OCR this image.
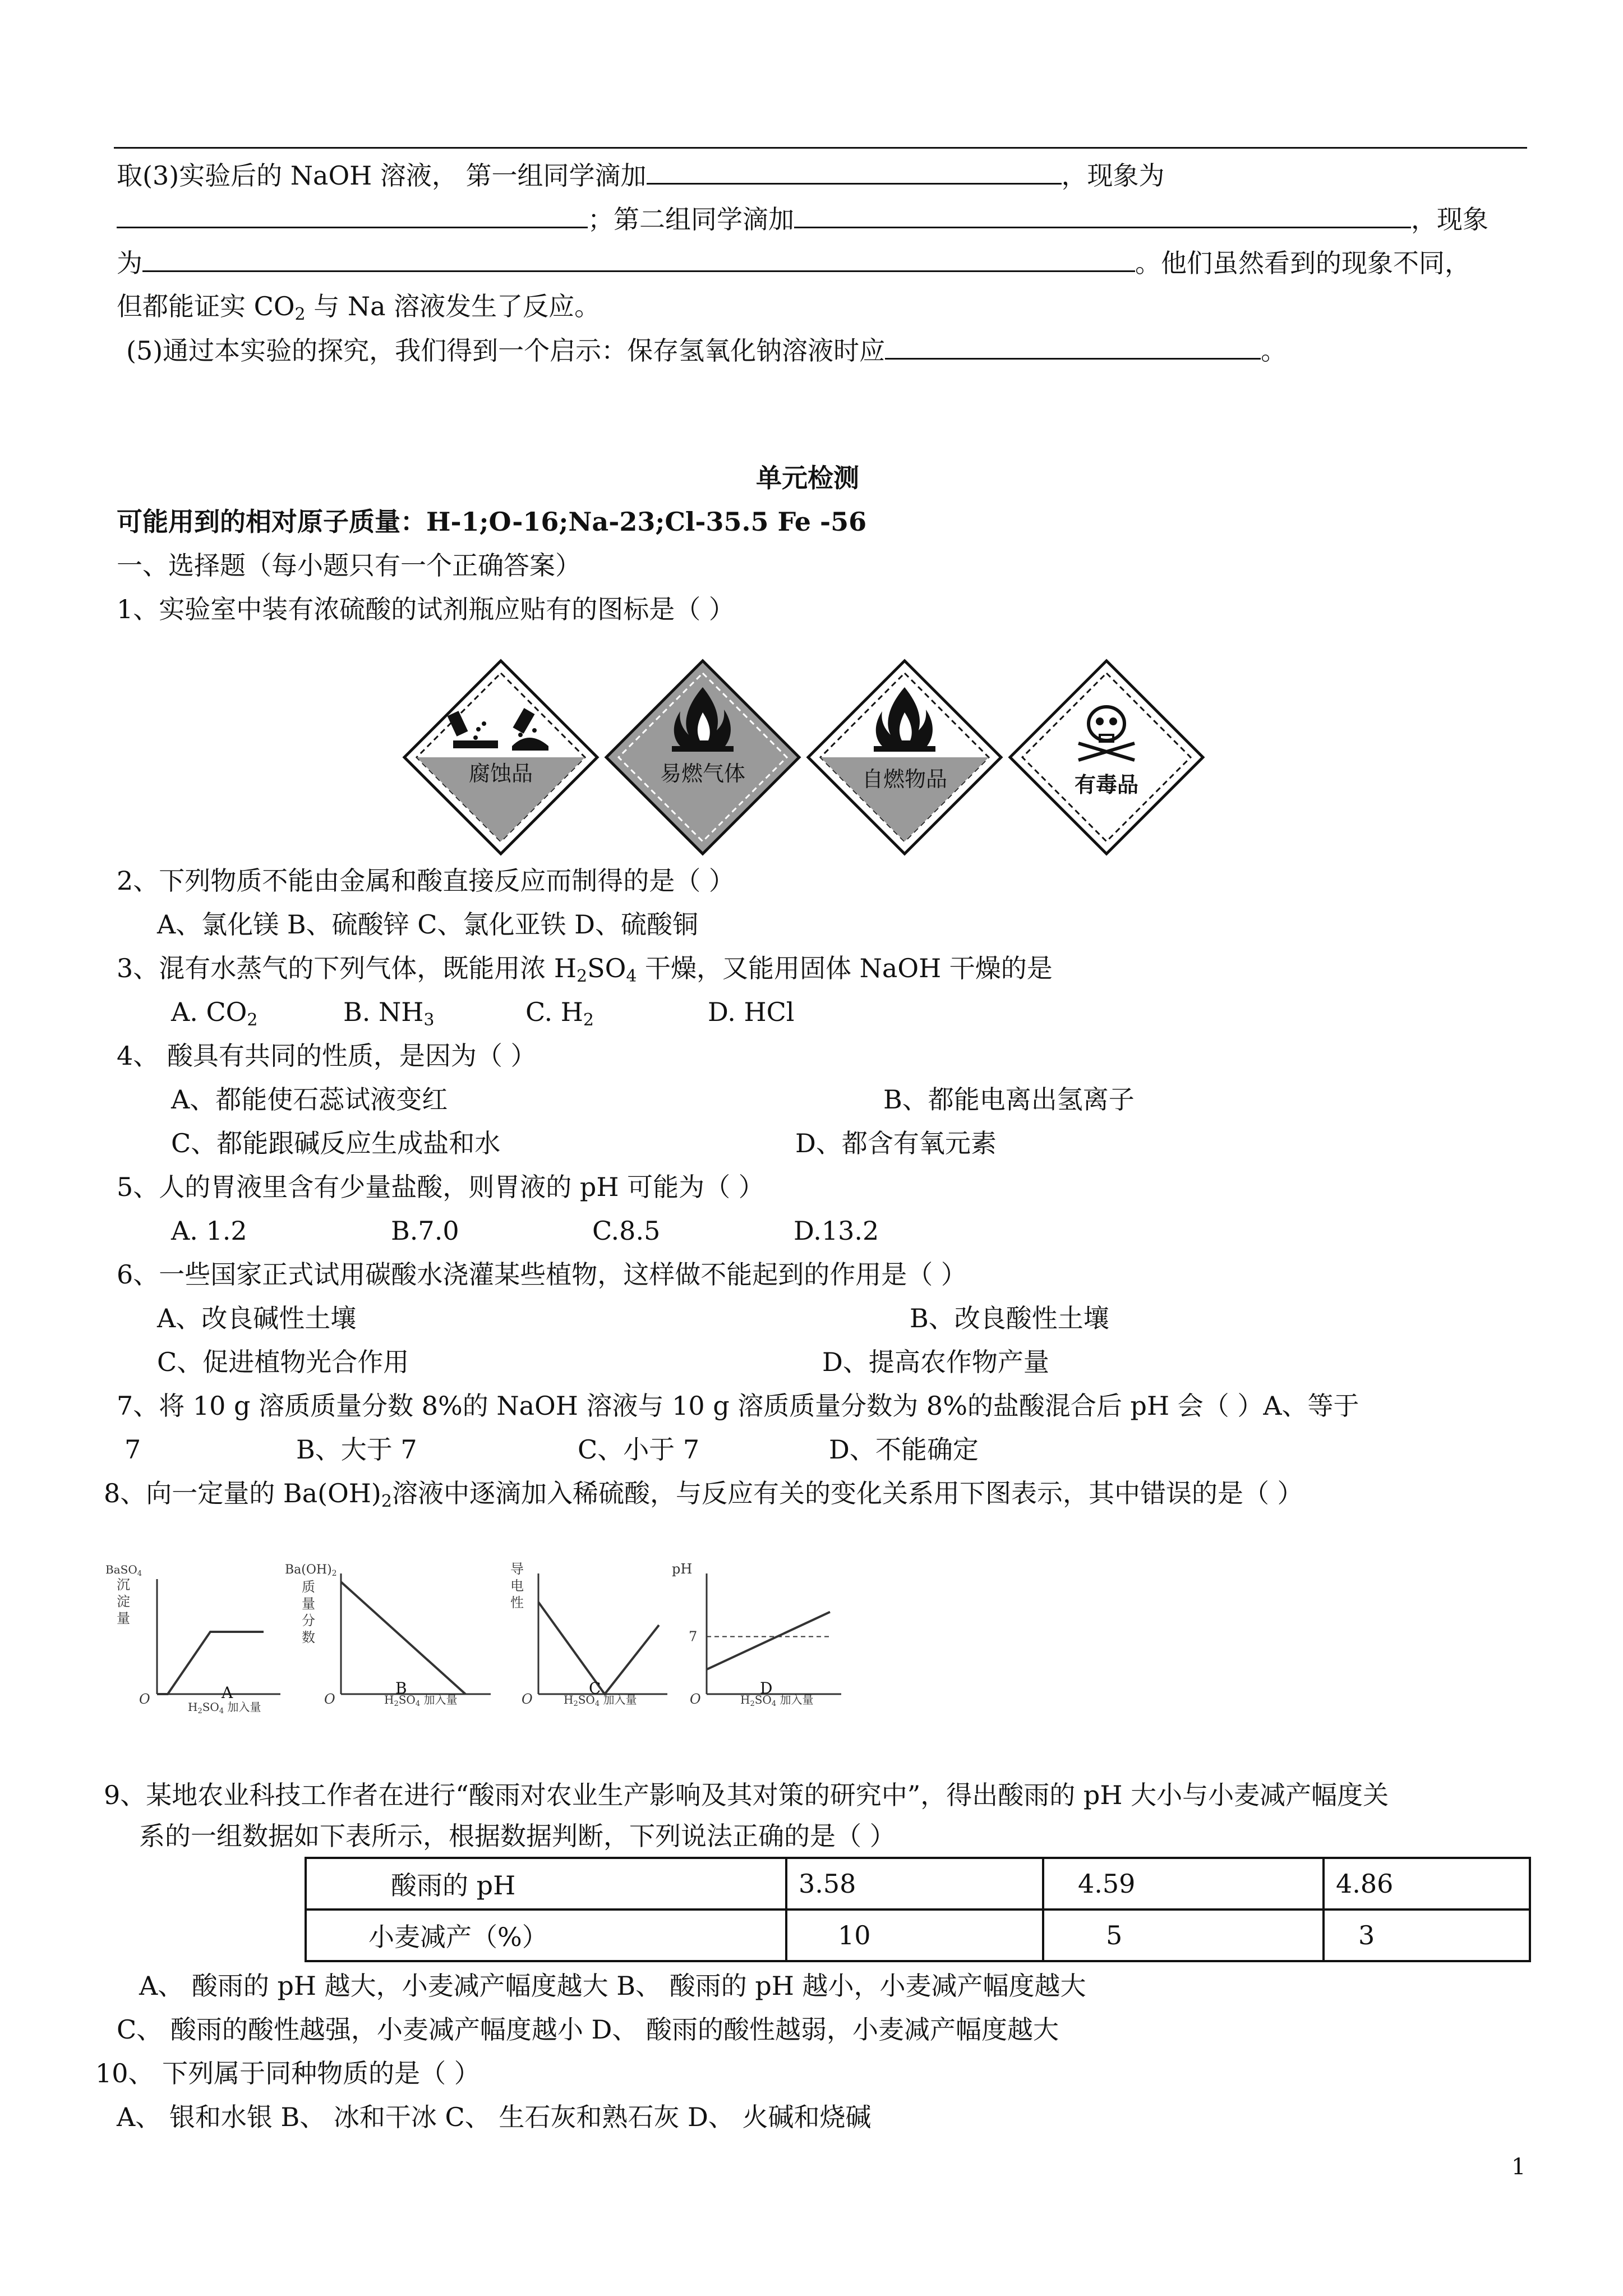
取(3)实验后的 NaOH 溶液， 第一组同学滴加	，现象为
；第二组同学滴加	，现象
为	。他们虽然看到的现象不同，
但都能证实 $CO_2$ 与 Na 溶液发生了反应。
(5)通过本实验的探究，我们得到一个启示：保存氢氧化钠溶液时应	。
单元检测
可能用到的相对原子质量：H-1;O-16;Na-23;Cl-35.5 Fe -56
一、选择题（每小题只有一个正确答案）
1、实验室中装有浓硫酸的试剂瓶应贴有的图标是（ ）
腐蚀品	易燃气体	自燃物品	有毒品
2、下列物质不能由金属和酸直接反应而制得的是（ ）
A、氯化镁 B、硫酸锌 C、氯化亚铁 D、硫酸铜
3、混有水蒸气的下列气体，既能用浓 $H_2SO_4$ 干燥，又能用固体 NaOH 干燥的是
A. $CO_2$	B. $NH_3$	C. $H_2$	D. HCl
4、 酸具有共同的性质，是因为（ ）
A、都能使石蕊试液变红	B、都能电离出氢离子
C、都能跟碱反应生成盐和水	D、都含有氧元素
5、人的胃液里含有少量盐酸，则胃液的 pH 可能为（ ）
A. 1.2	B.7.0	C.8.5	D.13.2
6、一些国家正式试用碳酸水浇灌某些植物，这样做不能起到的作用是（ ）
A、改良碱性土壤	B、改良酸性土壤
C、促进植物光合作用	D、提高农作物产量
7、将 10 g 溶质质量分数 8%的 NaOH 溶液与 10 g 溶质质量分数为 8%的盐酸混合后 pH 会（ ）A、等于
7	B、大于 7	C、小于 7	D、不能确定
8、向一定量的 $Ba(OH)_2$溶液中逐滴加入稀硫酸，与反应有关的变化关系用下图表示，其中错误的是（ ）
BaSO$_4$
沉
淀
量
O	$H_2SO_4$ 加入量
Ba(OH)2
质
量
分
数
O	$H_2SO_4$ 加入量
导
电
性
O	$H_2SO_4$ 加入量
pH
7
O	$H_2SO_4$ 加入量
A	B	C	D
9、某地农业科技工作者在进行“酸雨对农业生产影响及其对策的研究中”，得出酸雨的 pH 大小与小麦减产幅度关
系的一组数据如下表所示，根据数据判断，下列说法正确的是（ ）
酸雨的 pH	3.58	4.59	4.86
小麦减产（%）	10	5	3
A、 酸雨的 pH 越大，小麦减产幅度越大 B、 酸雨的 pH 越小，小麦减产幅度越大
C、 酸雨的酸性越强，小麦减产幅度越小 D、 酸雨的酸性越弱，小麦减产幅度越大
10、 下列属于同种物质的是（ ）
A、 银和水银 B、 冰和干冰 C、 生石灰和熟石灰 D、 火碱和烧碱
1
